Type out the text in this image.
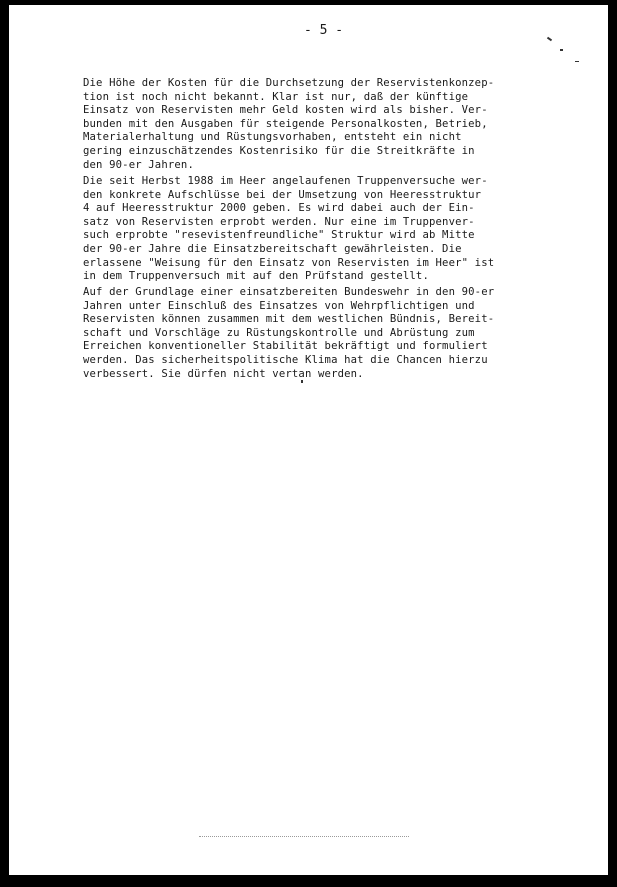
- 5 -
Die Höhe der Kosten für die Durchsetzung der Reservistenkonzep-
tion ist noch nicht bekannt. Klar ist nur, daß der künftige
Einsatz von Reservisten mehr Geld kosten wird als bisher. Ver-
bunden mit den Ausgaben für steigende Personalkosten, Betrieb,
Materialerhaltung und Rüstungsvorhaben, entsteht ein nicht
gering einzuschätzendes Kostenrisiko für die Streitkräfte in
den 90-er Jahren.
Die seit Herbst 1988 im Heer angelaufenen Truppenversuche wer-
den konkrete Aufschlüsse bei der Umsetzung von Heeresstruktur
4 auf Heeresstruktur 2000 geben. Es wird dabei auch der Ein-
satz von Reservisten erprobt werden. Nur eine im Truppenver-
such erprobte "resevistenfreundliche" Struktur wird ab Mitte
der 90-er Jahre die Einsatzbereitschaft gewährleisten. Die
erlassene "Weisung für den Einsatz von Reservisten im Heer" ist
in dem Truppenversuch mit auf den Prüfstand gestellt.
Auf der Grundlage einer einsatzbereiten Bundeswehr in den 90-er
Jahren unter Einschluß des Einsatzes von Wehrpflichtigen und
Reservisten können zusammen mit dem westlichen Bündnis, Bereit-
schaft und Vorschläge zu Rüstungskontrolle und Abrüstung zum
Erreichen konventioneller Stabilität bekräftigt und formuliert
werden. Das sicherheitspolitische Klima hat die Chancen hierzu
verbessert. Sie dürfen nicht vertan werden.
